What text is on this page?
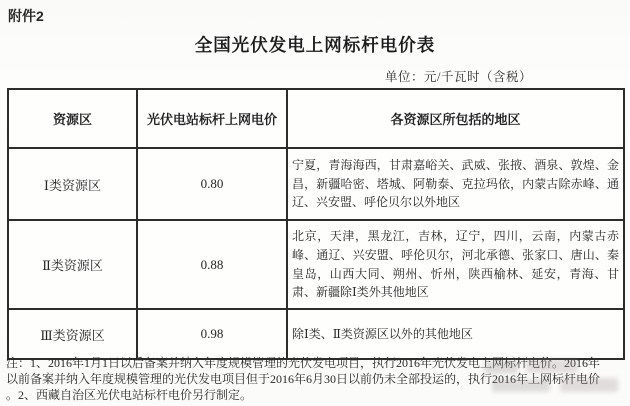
附件2
全国光伏发电上网标杆电价表
单位：元/千瓦时（含税）
资源区	光伏电站标杆上网电价	各资源区所包括的地区
Ⅰ类资源区	0.80	宁夏，青海海西，甘肃嘉峪关、武威、张掖、酒泉、敦煌、金昌，新疆哈密、塔城、阿勒泰、克拉玛依，内蒙古除赤峰、通辽、兴安盟、呼伦贝尔以外地区
Ⅱ类资源区	0.88	北京，天津，黑龙江，吉林，辽宁，四川，云南，内蒙古赤峰、通辽、兴安盟、呼伦贝尔，河北承德、张家口、唐山、秦皇岛，山西大同、朔州、忻州，陕西榆林、延安，青海、甘肃、新疆除Ⅰ类外其他地区
Ⅲ类资源区	0.98	除Ⅰ类、Ⅱ类资源区以外的其他地区
注：1、2016年1月1日以后备案并纳入年度规模管理的光伏发电项目，执行2016年光伏发电上网标杆电价。2016年
以前备案并纳入年度规模管理的光伏发电项目但于2016年6月30日以前仍未全部投运的，执行2016年上网标杆电价
。2、西藏自治区光伏电站标杆电价另行制定。
